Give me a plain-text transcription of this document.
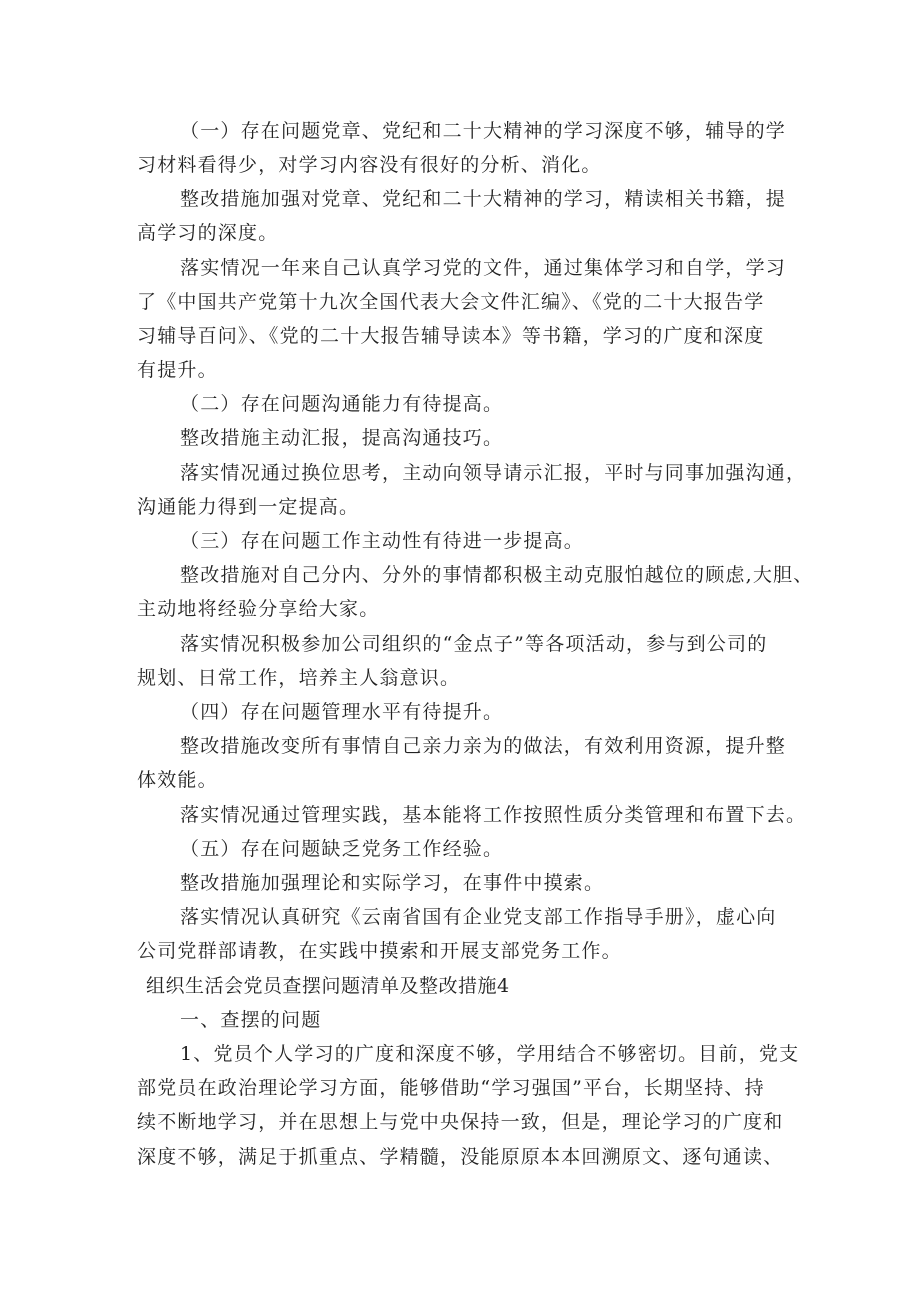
（一）存在问题党章、党纪和二十大精神的学习深度不够，辅导的学
习材料看得少，对学习内容没有很好的分析、消化。
整改措施加强对党章、党纪和二十大精神的学习，精读相关书籍，提
高学习的深度。
落实情况一年来自己认真学习党的文件，通过集体学习和自学，学习
了《中国共产党第十九次全国代表大会文件汇编》、《党的二十大报告学
习辅导百问》、《党的二十大报告辅导读本》等书籍，学习的广度和深度
有提升。
（二）存在问题沟通能力有待提高。
整改措施主动汇报，提高沟通技巧。
落实情况通过换位思考，主动向领导请示汇报，平时与同事加强沟通，
沟通能力得到一定提高。
（三）存在问题工作主动性有待进一步提高。
整改措施对自己分内、分外的事情都积极主动克服怕越位的顾虑,大胆、
主动地将经验分享给大家。
落实情况积极参加公司组织的“金点子”等各项活动，参与到公司的
规划、日常工作，培养主人翁意识。
（四）存在问题管理水平有待提升。
整改措施改变所有事情自己亲力亲为的做法，有效利用资源，提升整
体效能。
落实情况通过管理实践，基本能将工作按照性质分类管理和布置下去。
（五）存在问题缺乏党务工作经验。
整改措施加强理论和实际学习，在事件中摸索。
落实情况认真研究《云南省国有企业党支部工作指导手册》，虚心向
公司党群部请教，在实践中摸索和开展支部党务工作。
组织生活会党员查摆问题清单及整改措施4
一、查摆的问题
1、党员个人学习的广度和深度不够，学用结合不够密切。目前，党支
部党员在政治理论学习方面，能够借助“学习强国”平台，长期坚持、持
续不断地学习，并在思想上与党中央保持一致，但是，理论学习的广度和
深度不够，满足于抓重点、学精髓，没能原原本本回溯原文、逐句通读、
